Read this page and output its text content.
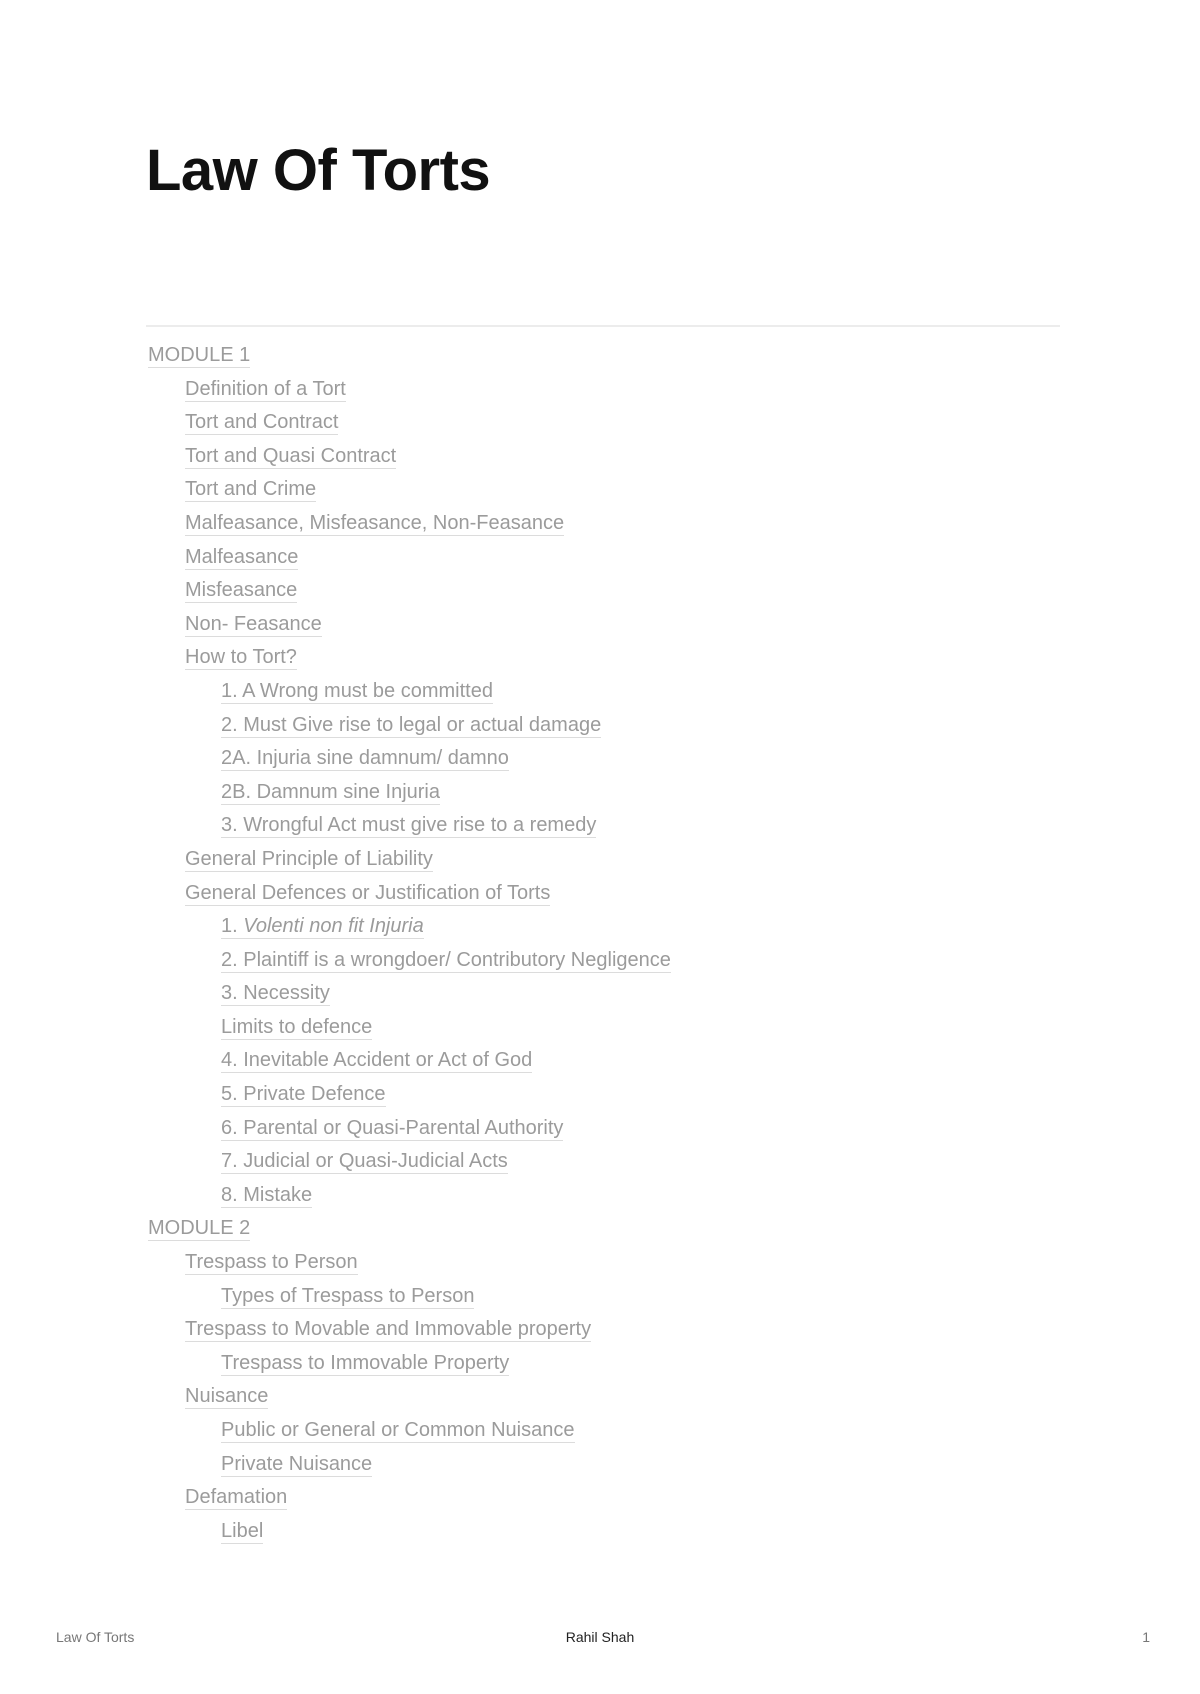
Law Of Torts
MODULE 1
Definition of a Tort
Tort and Contract
Tort and Quasi Contract
Tort and Crime
Malfeasance, Misfeasance, Non-Feasance
Malfeasance
Misfeasance
Non- Feasance
How to Tort?
1. A Wrong must be committed
2. Must Give rise to legal or actual damage
2A. Injuria sine damnum/ damno
2B. Damnum sine Injuria
3. Wrongful Act must give rise to a remedy
General Principle of Liability
General Defences or Justification of Torts
1. Volenti non fit Injuria
2. Plaintiff is a wrongdoer/ Contributory Negligence
3. Necessity
Limits to defence
4. Inevitable Accident or Act of God
5. Private Defence
6. Parental or Quasi-Parental Authority
7. Judicial or Quasi-Judicial Acts
8. Mistake
MODULE 2
Trespass to Person
Types of Trespass to Person
Trespass to Movable and Immovable property
Trespass to Immovable Property
Nuisance
Public or General or Common Nuisance
Private Nuisance
Defamation
Libel
Law Of Torts	Rahil Shah	1
